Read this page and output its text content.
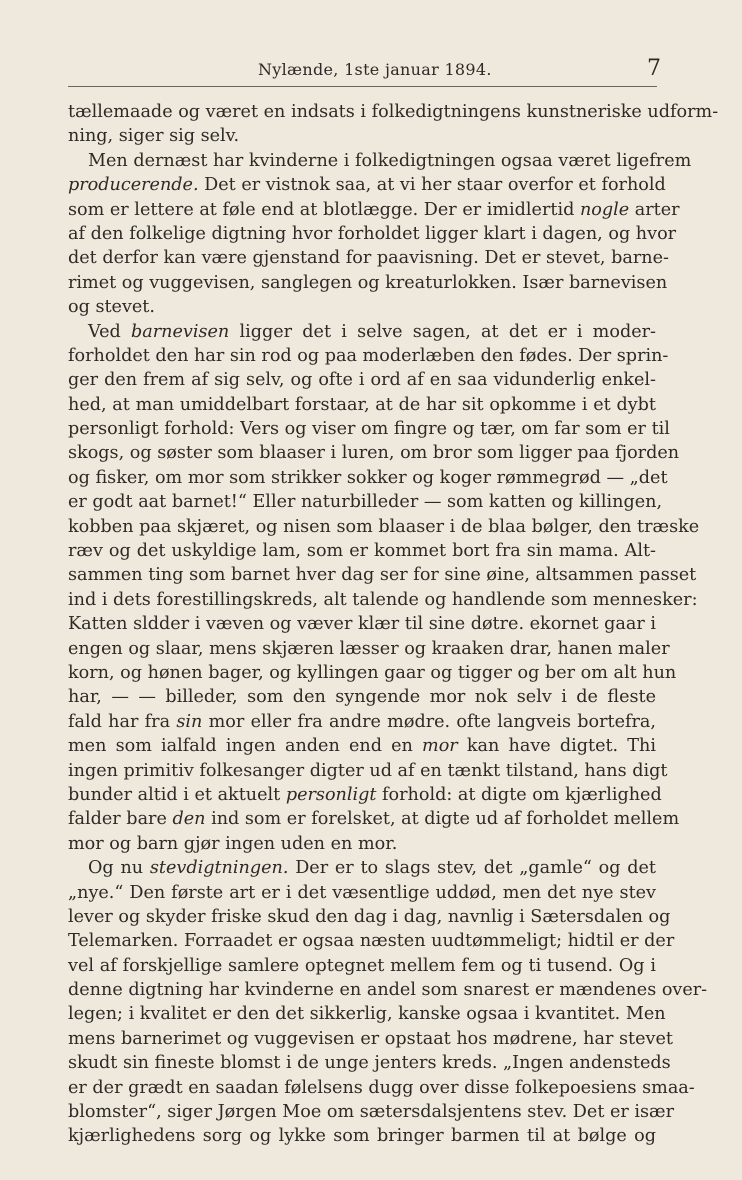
Nylænde, 1ste januar 1894.	7
tællemaade og været en indsats i folkedigtningens kunstneriske udform-
ning, siger sig selv.
Men dernæst har kvinderne i folkedigtningen ogsaa været ligefrem
producerende. Det er vistnok saa, at vi her staar overfor et forhold
som er lettere at føle end at blotlægge. Der er imidlertid nogle arter
af den folkelige digtning hvor forholdet ligger klart i dagen, og hvor
det derfor kan være gjenstand for paavisning. Det er stevet, barne-
rimet og vuggevisen, sanglegen og kreaturlokken. Især barnevisen
og stevet.
Ved barnevisen ligger det i selve sagen, at det er i moder-
forholdet den har sin rod og paa moderlæben den fødes. Der sprin-
ger den frem af sig selv, og ofte i ord af en saa vidunderlig enkel-
hed, at man umiddelbart forstaar, at de har sit opkomme i et dybt
personligt forhold: Vers og viser om fingre og tær, om far som er til
skogs, og søster som blaaser i luren, om bror som ligger paa fjorden
og fisker, om mor som strikker sokker og koger rømmegrød — „det
er godt aat barnet!“ Eller naturbilleder — som katten og killingen,
kobben paa skjæret, og nisen som blaaser i de blaa bølger, den træske
ræv og det uskyldige lam, som er kommet bort fra sin mama. Alt-
sammen ting som barnet hver dag ser for sine øine, altsammen passet
ind i dets forestillingskreds, alt talende og handlende som mennesker:
Katten sldder i væven og væver klær til sine døtre. ekornet gaar i
engen og slaar, mens skjæren læsser og kraaken drar, hanen maler
korn, og hønen bager, og kyllingen gaar og tigger og ber om alt hun
har, — — billeder, som den syngende mor nok selv i de fleste
fald har fra sin mor eller fra andre mødre. ofte langveis bortefra,
men som ialfald ingen anden end en mor kan have digtet. Thi
ingen primitiv folkesanger digter ud af en tænkt tilstand, hans digt
bunder altid i et aktuelt personligt forhold: at digte om kjærlighed
falder bare den ind som er forelsket, at digte ud af forholdet mellem
mor og barn gjør ingen uden en mor.
Og nu stevdigtningen. Der er to slags stev, det „gamle“ og det
„nye.“ Den første art er i det væsentlige uddød, men det nye stev
lever og skyder friske skud den dag i dag, navnlig i Sætersdalen og
Telemarken. Forraadet er ogsaa næsten uudtømmeligt; hidtil er der
vel af forskjellige samlere optegnet mellem fem og ti tusend. Og i
denne digtning har kvinderne en andel som snarest er mændenes over-
legen; i kvalitet er den det sikkerlig, kanske ogsaa i kvantitet. Men
mens barnerimet og vuggevisen er opstaat hos mødrene, har stevet
skudt sin fineste blomst i de unge jenters kreds. „Ingen andensteds
er der grædt en saadan følelsens dugg over disse folkepoesiens smaa-
blomster“, siger Jørgen Moe om sætersdalsjentens stev. Det er især
kjærlighedens sorg og lykke som bringer barmen til at bølge og
